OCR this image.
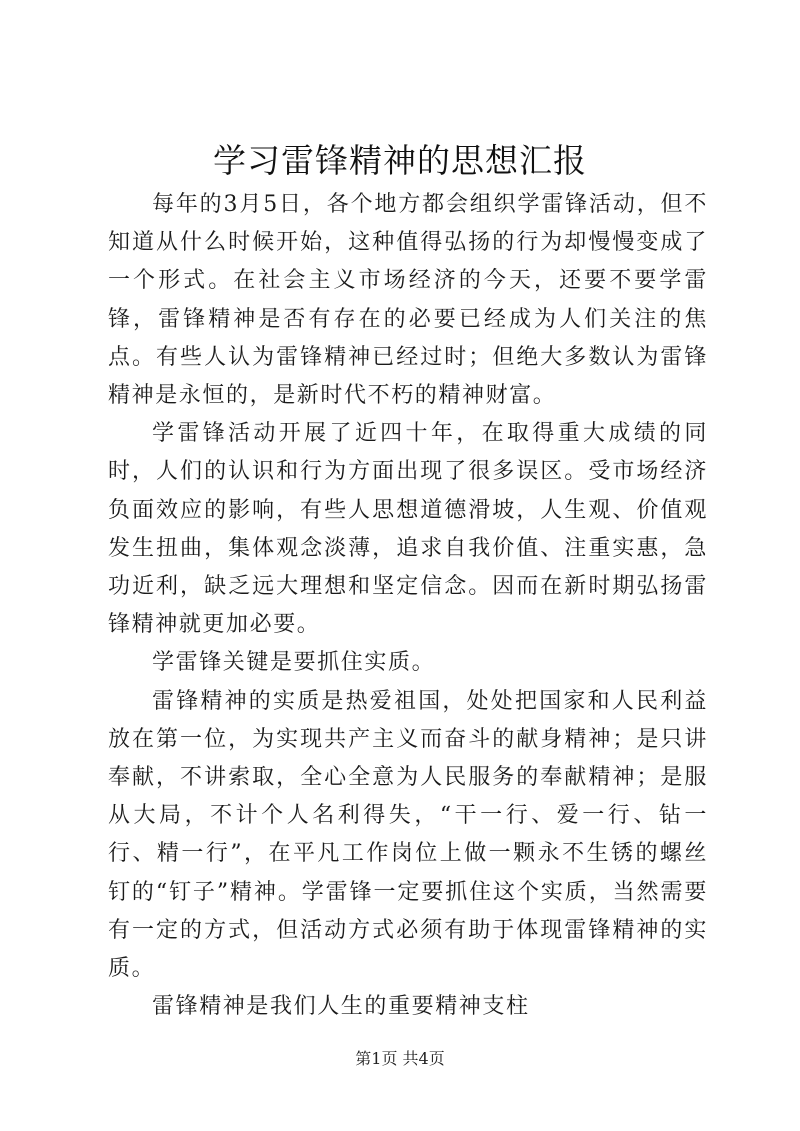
学习雷锋精神的思想汇报

每年的3月5日，各个地方都会组织学雷锋活动，但不知道从什么时候开始，这种值得弘扬的行为却慢慢变成了一个形式。在社会主义市场经济的今天，还要不要学雷锋，雷锋精神是否有存在的必要已经成为人们关注的焦点。有些人认为雷锋精神已经过时；但绝大多数认为雷锋精神是永恒的，是新时代不朽的精神财富。

学雷锋活动开展了近四十年，在取得重大成绩的同时，人们的认识和行为方面出现了很多误区。受市场经济负面效应的影响，有些人思想道德滑坡，人生观、价值观发生扭曲，集体观念淡薄，追求自我价值、注重实惠，急功近利，缺乏远大理想和坚定信念。因而在新时期弘扬雷锋精神就更加必要。

学雷锋关键是要抓住实质。

雷锋精神的实质是热爱祖国，处处把国家和人民利益放在第一位，为实现共产主义而奋斗的献身精神；是只讲奉献，不讲索取，全心全意为人民服务的奉献精神；是服从大局，不计个人名利得失，“干一行、爱一行、钻一行、精一行”，在平凡工作岗位上做一颗永不生锈的螺丝钉的“钉子”精神。学雷锋一定要抓住这个实质，当然需要有一定的方式，但活动方式必须有助于体现雷锋精神的实质。

雷锋精神是我们人生的重要精神支柱

第1页 共4页
